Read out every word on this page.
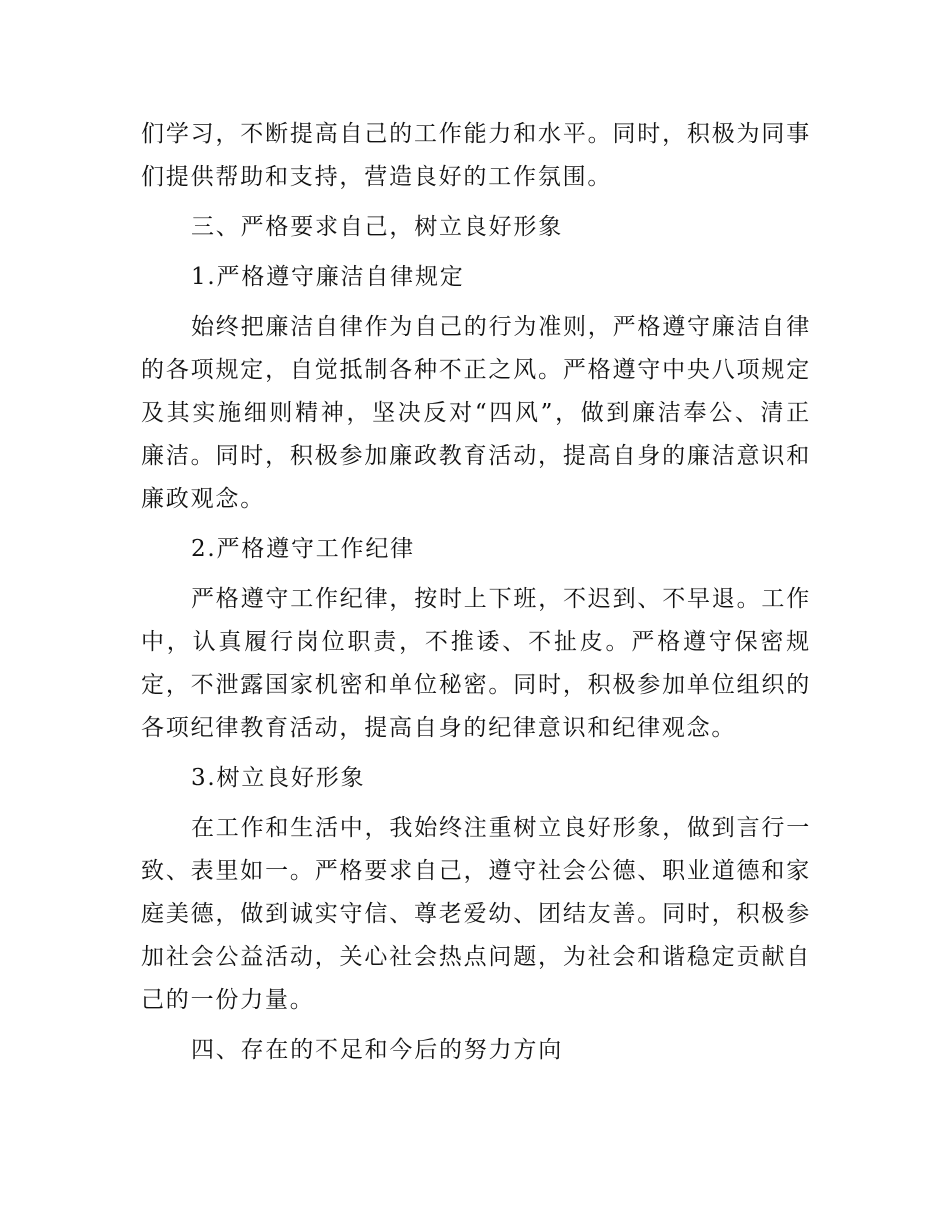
们学习，不断提高自己的工作能力和水平。同时，积极为同事
们提供帮助和支持，营造良好的工作氛围。
三、严格要求自己，树立良好形象
1.严格遵守廉洁自律规定
始终把廉洁自律作为自己的行为准则，严格遵守廉洁自律
的各项规定，自觉抵制各种不正之风。严格遵守中央八项规定
及其实施细则精神，坚决反对“四风”，做到廉洁奉公、清正
廉洁。同时，积极参加廉政教育活动，提高自身的廉洁意识和
廉政观念。
2.严格遵守工作纪律
严格遵守工作纪律，按时上下班，不迟到、不早退。工作
中，认真履行岗位职责，不推诿、不扯皮。严格遵守保密规
定，不泄露国家机密和单位秘密。同时，积极参加单位组织的
各项纪律教育活动，提高自身的纪律意识和纪律观念。
3.树立良好形象
在工作和生活中，我始终注重树立良好形象，做到言行一
致、表里如一。严格要求自己，遵守社会公德、职业道德和家
庭美德，做到诚实守信、尊老爱幼、团结友善。同时，积极参
加社会公益活动，关心社会热点问题，为社会和谐稳定贡献自
己的一份力量。
四、存在的不足和今后的努力方向
